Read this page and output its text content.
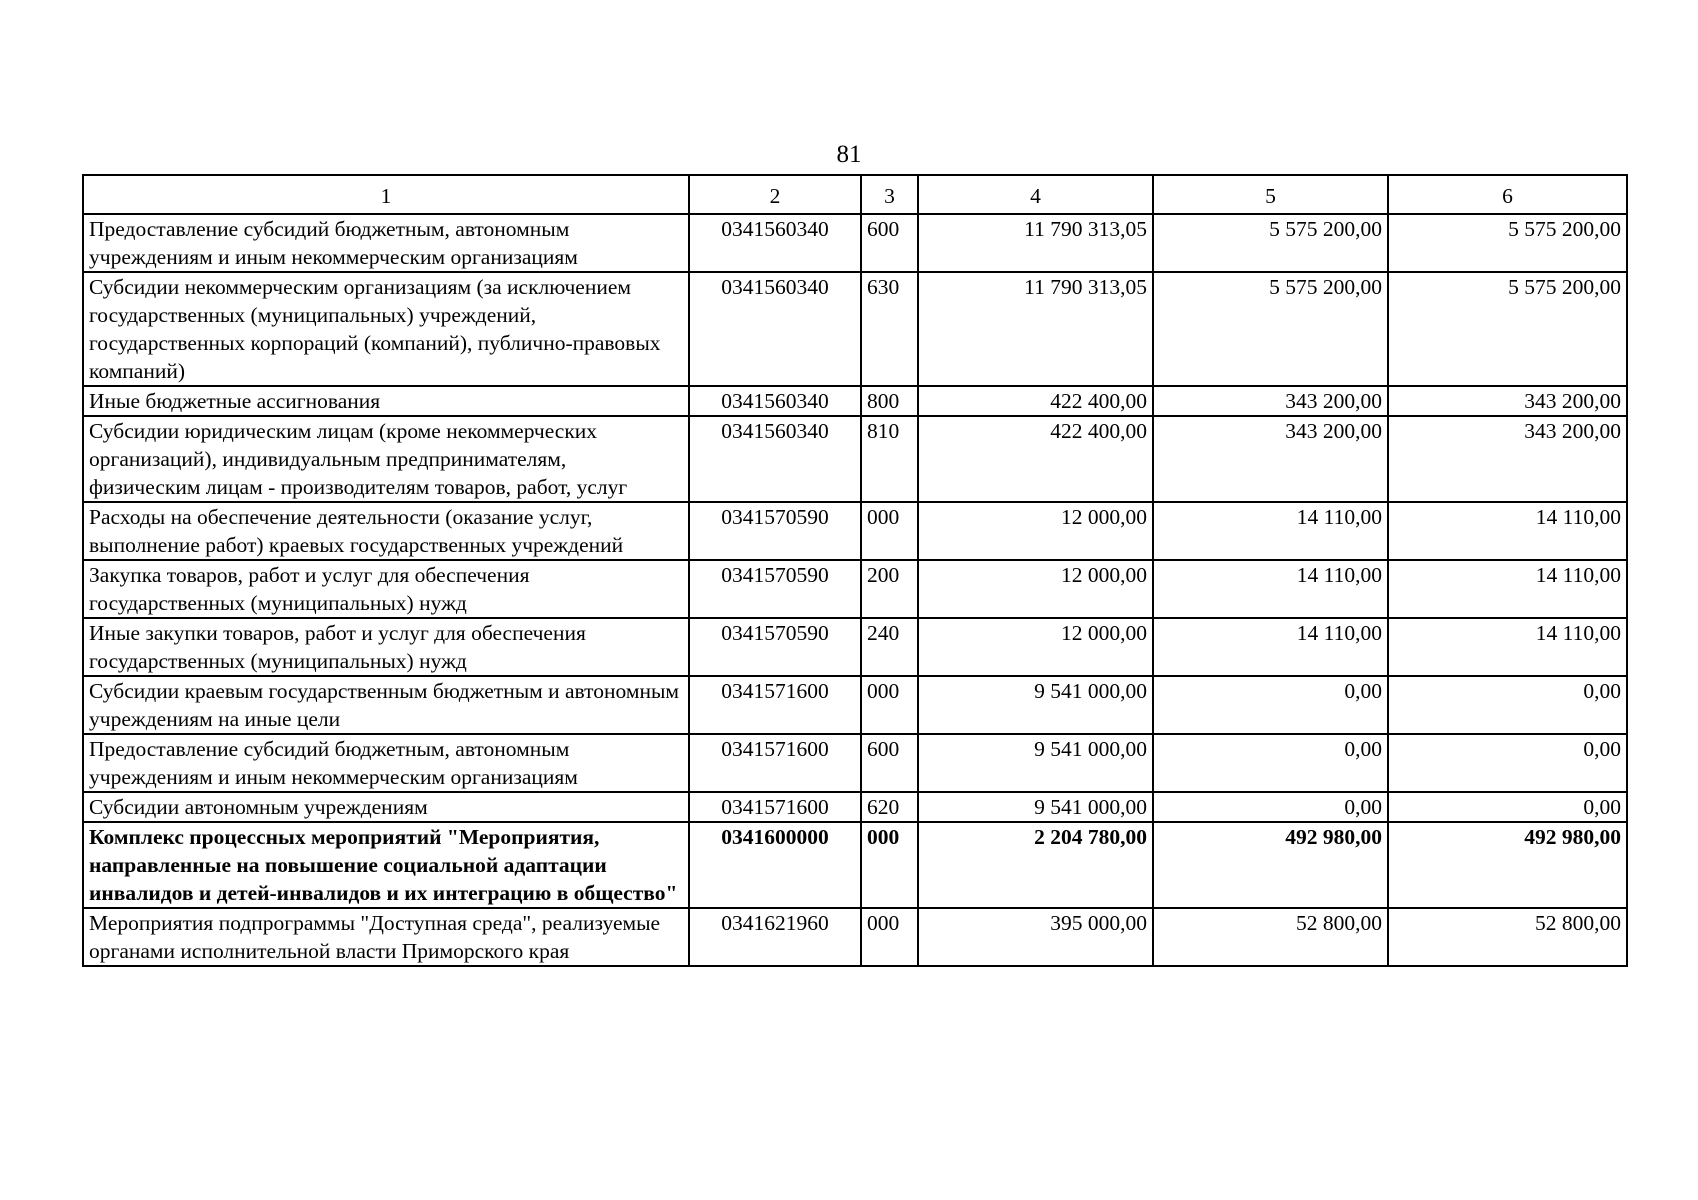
81
1	2	3	4	5	6
Предоставление субсидий бюджетным, автономным учреждениям и иным некоммерческим организациям	0341560340	600	11 790 313,05	5 575 200,00	5 575 200,00
Субсидии некоммерческим организациям (за исключением государственных (муниципальных) учреждений, государственных корпораций (компаний), публично-правовых компаний)	0341560340	630	11 790 313,05	5 575 200,00	5 575 200,00
Иные бюджетные ассигнования	0341560340	800	422 400,00	343 200,00	343 200,00
Субсидии юридическим лицам (кроме некоммерческих организаций), индивидуальным предпринимателям, физическим лицам - производителям товаров, работ, услуг	0341560340	810	422 400,00	343 200,00	343 200,00
Расходы на обеспечение деятельности (оказание услуг, выполнение работ) краевых государственных учреждений	0341570590	000	12 000,00	14 110,00	14 110,00
Закупка товаров, работ и услуг для обеспечения государственных (муниципальных) нужд	0341570590	200	12 000,00	14 110,00	14 110,00
Иные закупки товаров, работ и услуг для обеспечения государственных (муниципальных) нужд	0341570590	240	12 000,00	14 110,00	14 110,00
Субсидии краевым государственным бюджетным и автономным учреждениям на иные цели	0341571600	000	9 541 000,00	0,00	0,00
Предоставление субсидий бюджетным, автономным учреждениям и иным некоммерческим организациям	0341571600	600	9 541 000,00	0,00	0,00
Субсидии автономным учреждениям	0341571600	620	9 541 000,00	0,00	0,00
Комплекс процессных мероприятий "Мероприятия, направленные на повышение социальной адаптации инвалидов и детей-инвалидов и их интеграцию в общество"	0341600000	000	2 204 780,00	492 980,00	492 980,00
Мероприятия подпрограммы "Доступная среда", реализуемые органами исполнительной власти Приморского края	0341621960	000	395 000,00	52 800,00	52 800,00
